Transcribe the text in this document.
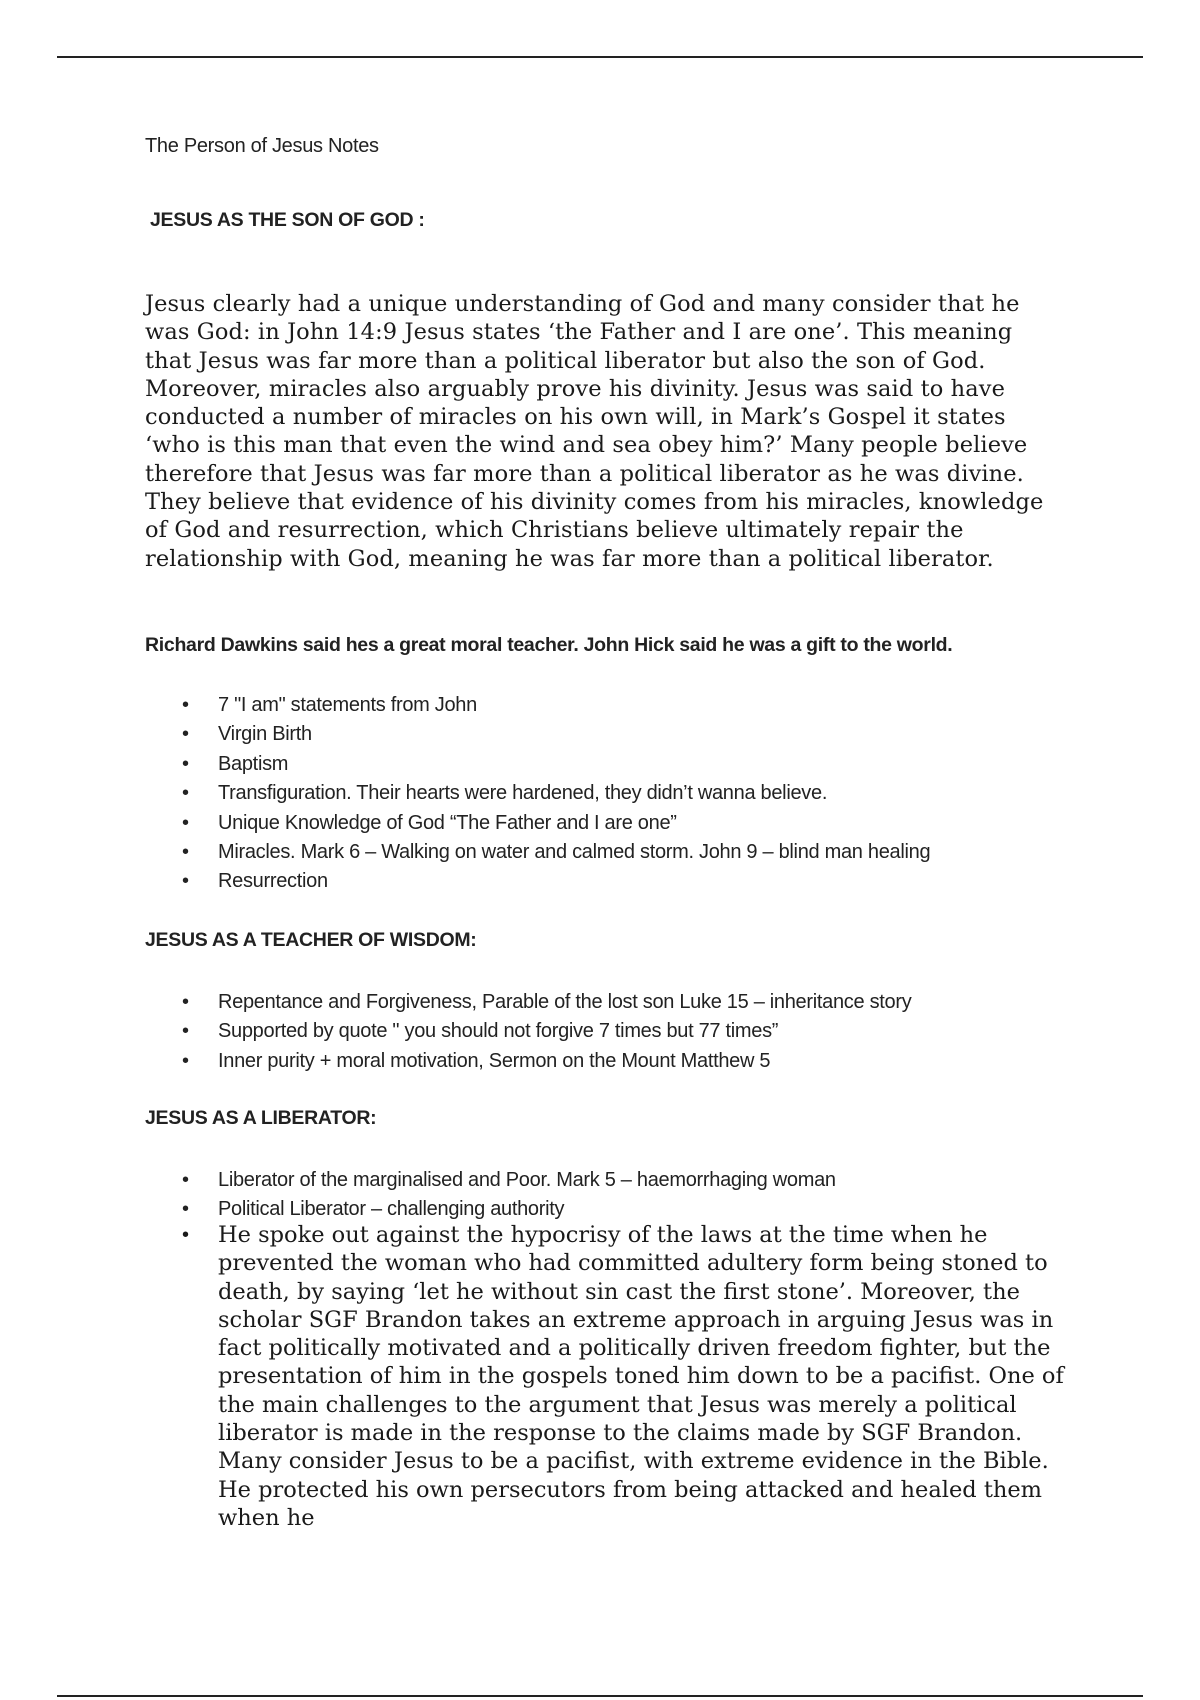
The Person of Jesus Notes
JESUS AS THE SON OF GOD :

Jesus clearly had a unique understanding of God and many consider that he was God: in John 14:9 Jesus states ‘the Father and I are one’. This meaning that Jesus was far more than a political liberator but also the son of God. Moreover, miracles also arguably prove his divinity. Jesus was said to have conducted a number of miracles on his own will, in Mark’s Gospel it states ‘who is this man that even the wind and sea obey him?’ Many people believe therefore that Jesus was far more than a political liberator as he was divine. They believe that evidence of his divinity comes from his miracles, knowledge of God and resurrection, which Christians believe ultimately repair the relationship with God, meaning he was far more than a political liberator.

Richard Dawkins said hes a great moral teacher. John Hick said he was a gift to the world.

• 7 "I am" statements from John
• Virgin Birth
• Baptism
• Transfiguration. Their hearts were hardened, they didn’t wanna believe.
• Unique Knowledge of God “The Father and I are one”
• Miracles. Mark 6 – Walking on water and calmed storm. John 9 – blind man healing
• Resurrection
JESUS AS A TEACHER OF WISDOM:
• Repentance and Forgiveness, Parable of the lost son Luke 15 – inheritance story
• Supported by quote " you should not forgive 7 times but 77 times”
• Inner purity + moral motivation, Sermon on the Mount Matthew 5
JESUS AS A LIBERATOR:
• Liberator of the marginalised and Poor. Mark 5 – haemorrhaging woman
• Political Liberator – challenging authority
• He spoke out against the hypocrisy of the laws at the time when he prevented the woman who had committed adultery form being stoned to death, by saying ‘let he without sin cast the first stone’. Moreover, the scholar SGF Brandon takes an extreme approach in arguing Jesus was in fact politically motivated and a politically driven freedom fighter, but the presentation of him in the gospels toned him down to be a pacifist. One of the main challenges to the argument that Jesus was merely a political liberator is made in the response to the claims made by SGF Brandon. Many consider Jesus to be a pacifist, with extreme evidence in the Bible. He protected his own persecutors from being attacked and healed them when he
